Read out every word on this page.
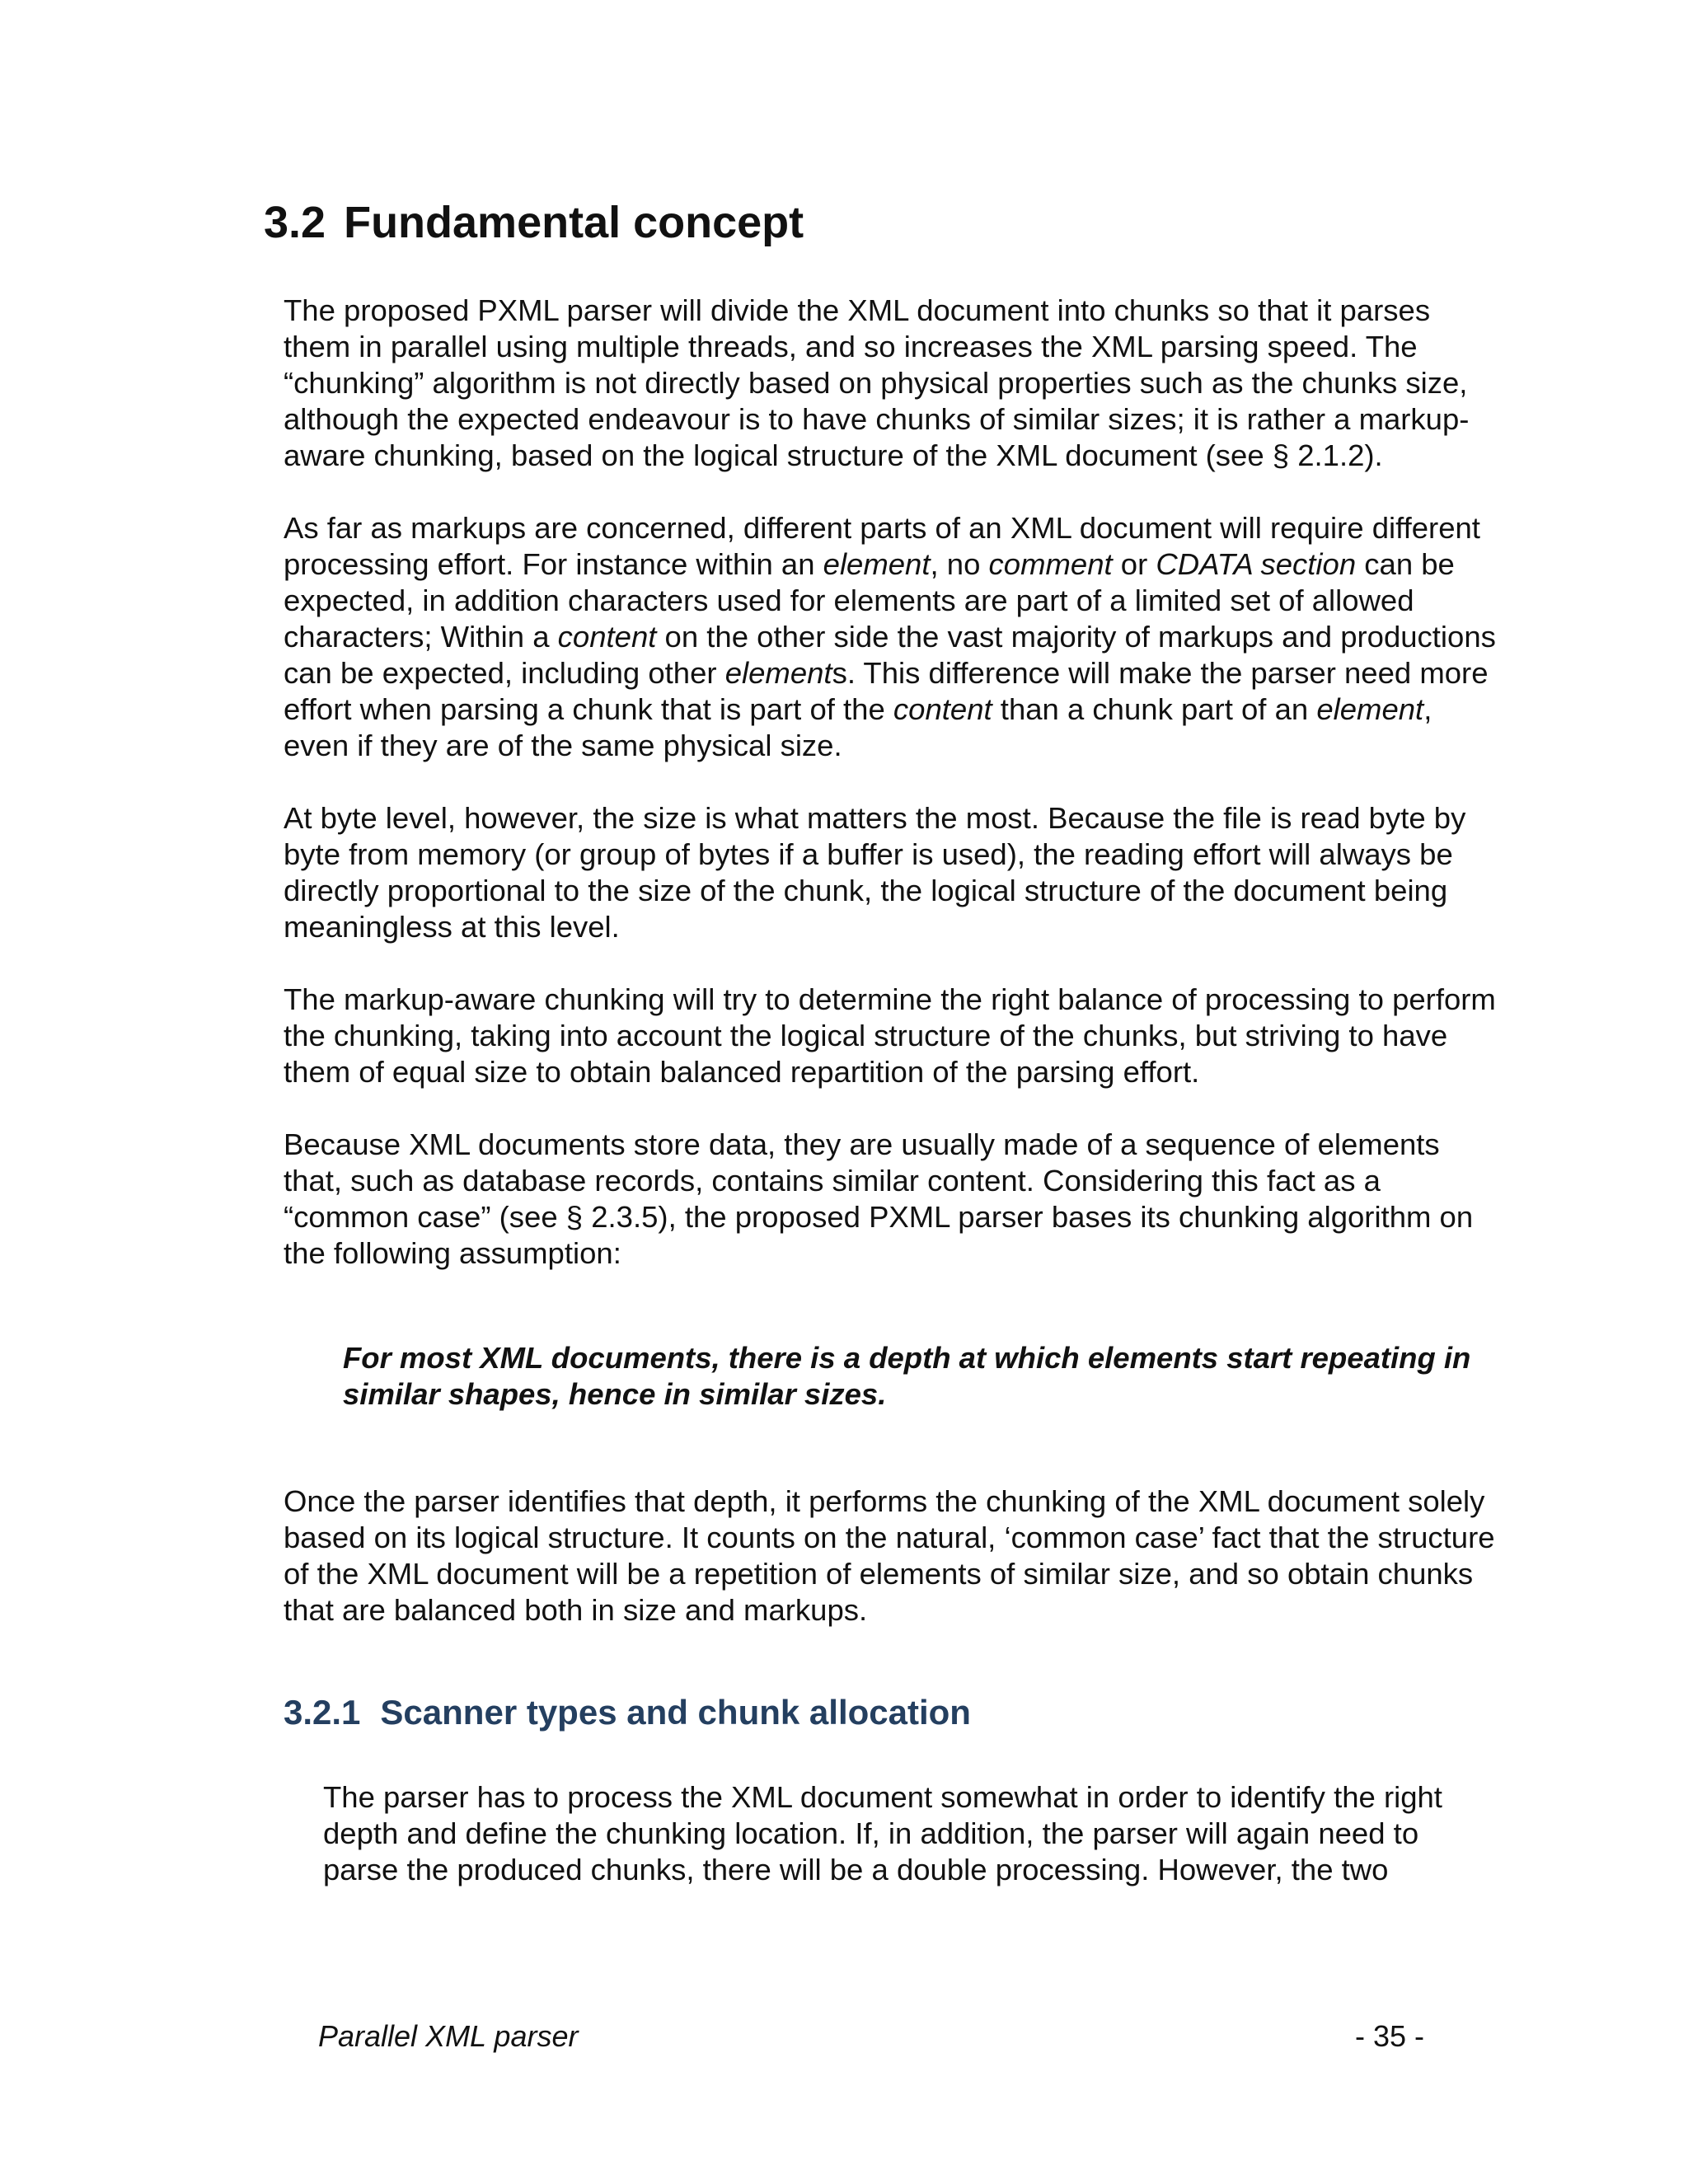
3.2 Fundamental concept

The proposed PXML parser will divide the XML document into chunks so that it parses them in parallel using multiple threads, and so increases the XML parsing speed. The “chunking” algorithm is not directly based on physical properties such as the chunks size, although the expected endeavour is to have chunks of similar sizes; it is rather a markup-aware chunking, based on the logical structure of the XML document (see § 2.1.2).

As far as markups are concerned, different parts of an XML document will require different processing effort. For instance within an element, no comment or CDATA section can be expected, in addition characters used for elements are part of a limited set of allowed characters; Within a content on the other side the vast majority of markups and productions can be expected, including other elements. This difference will make the parser need more effort when parsing a chunk that is part of the content than a chunk part of an element, even if they are of the same physical size.

At byte level, however, the size is what matters the most. Because the file is read byte by byte from memory (or group of bytes if a buffer is used), the reading effort will always be directly proportional to the size of the chunk, the logical structure of the document being meaningless at this level.

The markup-aware chunking will try to determine the right balance of processing to perform the chunking, taking into account the logical structure of the chunks, but striving to have them of equal size to obtain balanced repartition of the parsing effort.

Because XML documents store data, they are usually made of a sequence of elements that, such as database records, contains similar content. Considering this fact as a “common case” (see § 2.3.5), the proposed PXML parser bases its chunking algorithm on the following assumption:

For most XML documents, there is a depth at which elements start repeating in similar shapes, hence in similar sizes.

Once the parser identifies that depth, it performs the chunking of the XML document solely based on its logical structure. It counts on the natural, ‘common case’ fact that the structure of the XML document will be a repetition of elements of similar size, and so obtain chunks that are balanced both in size and markups.

3.2.1 Scanner types and chunk allocation

The parser has to process the XML document somewhat in order to identify the right depth and define the chunking location. If, in addition, the parser will again need to parse the produced chunks, there will be a double processing. However, the two

Parallel XML parser	- 35 -
